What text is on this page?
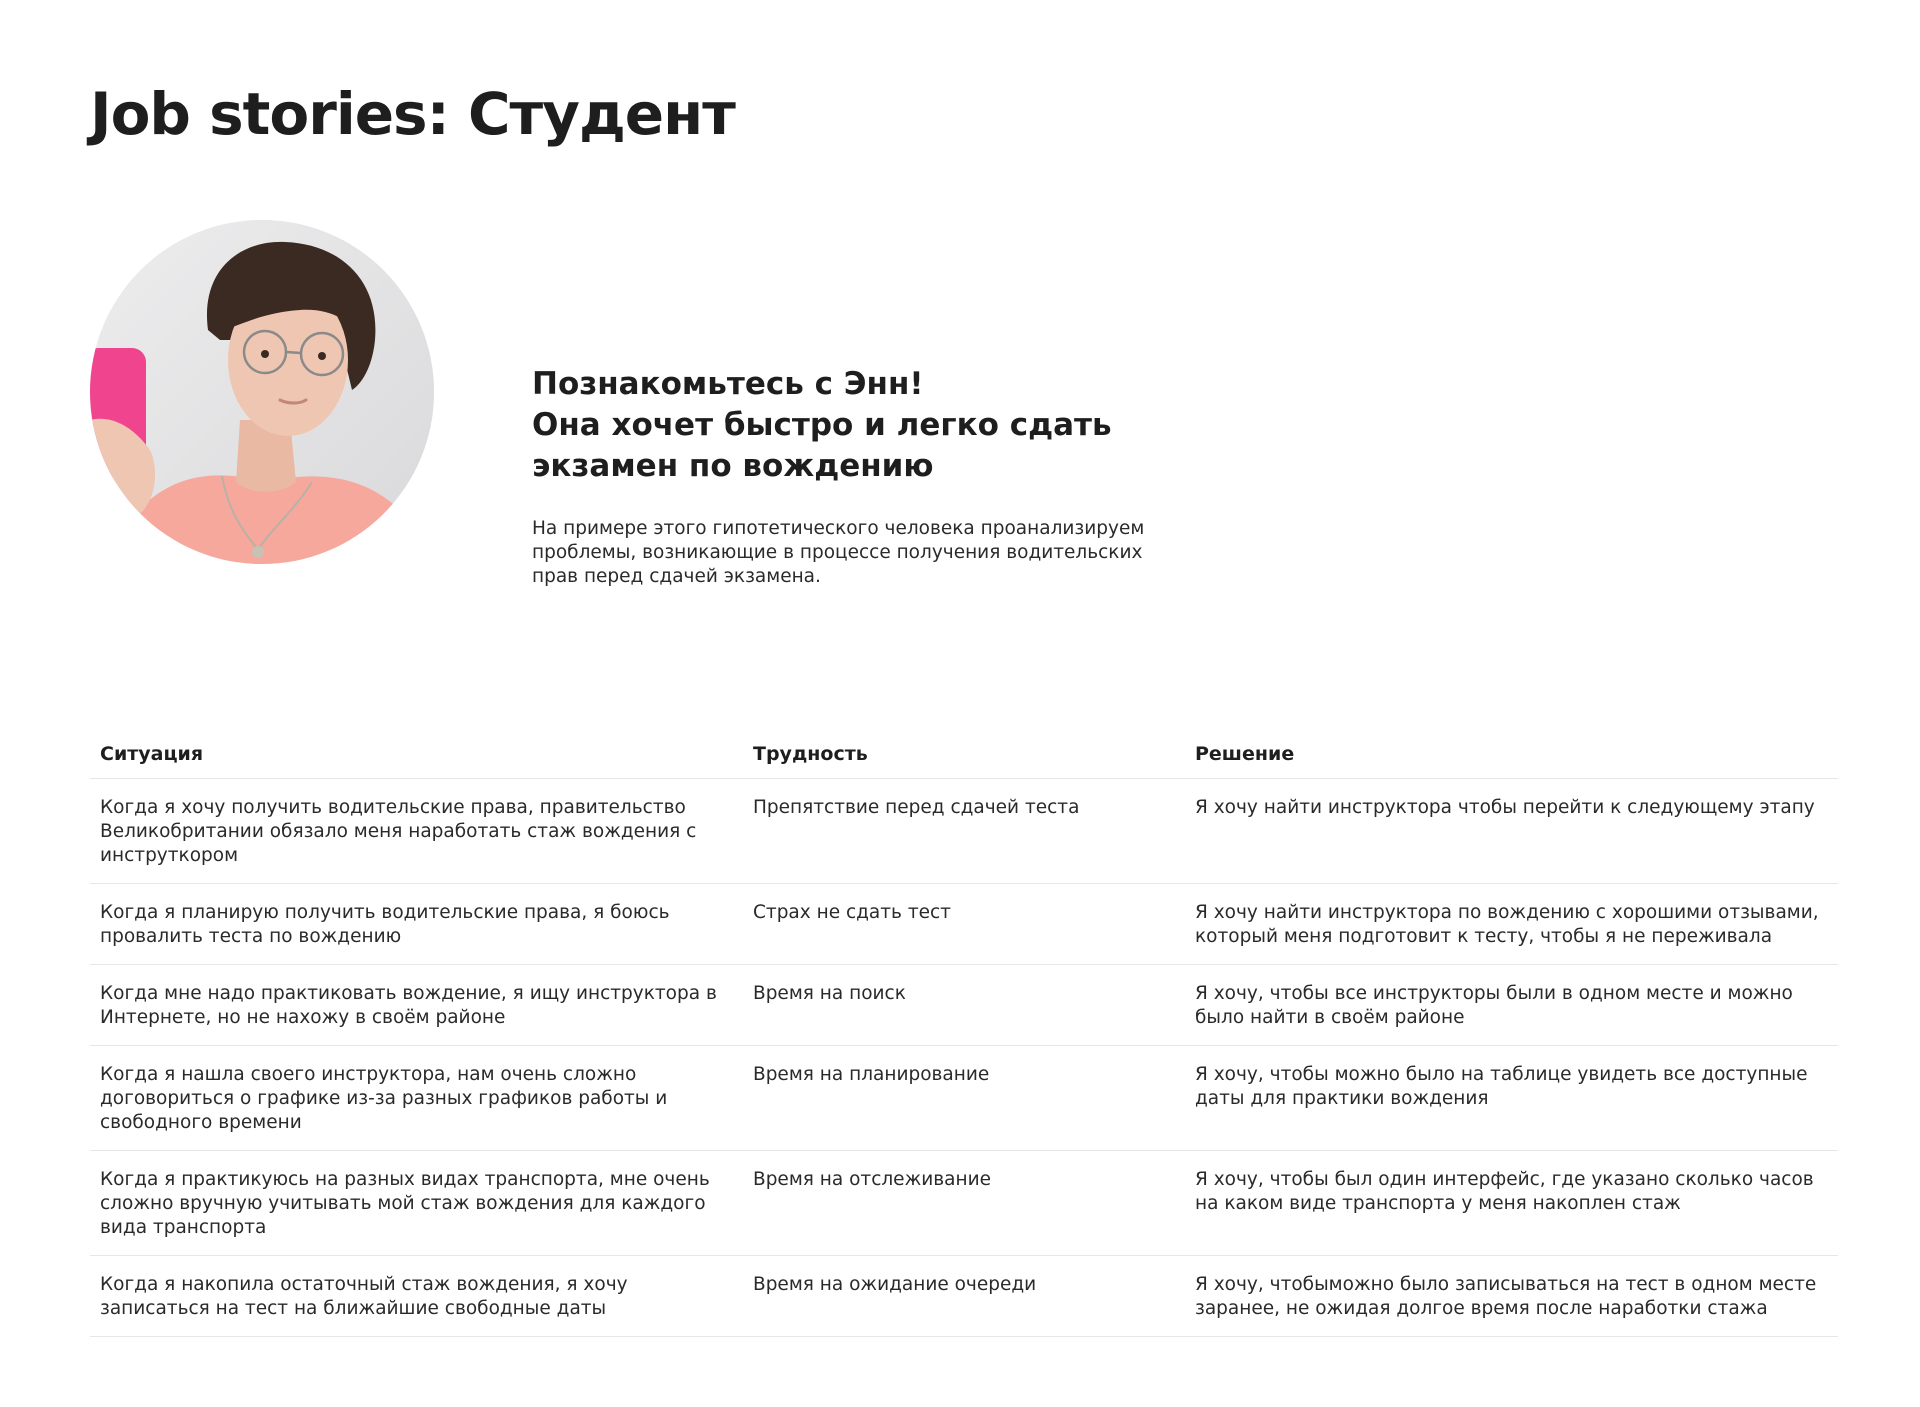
Job stories: Студент
Познакомьтесь с Энн!
Она хочет быстро и легко сдать
экзамен по вождению

На примере этого гипотетического человека проанализируем проблемы, возникающие в процессе получения водительских прав перед сдачей экзамена.

Ситуация	Трудность	Решение
Когда я хочу получить водительские права, правительство Великобритании обязало меня наработать стаж вождения с инструткором	Препятствие перед сдачей теста	Я хочу найти инструктора чтобы перейти к следующему этапу
Когда я планирую получить водительские права, я боюсь провалить теста по вождению	Страх не сдать тест	Я хочу найти инструктора по вождению с хорошими отзывами, который меня подготовит к тесту, чтобы я не переживала
Когда мне надо практиковать вождение, я ищу инструктора в Интернете, но не нахожу в своём районе	Время на поиск	Я хочу, чтобы все инструкторы были в одном месте и можно было найти в своём районе
Когда я нашла своего инструктора, нам очень сложно договориться о графике из-за разных графиков работы и свободного времени	Время на планирование	Я хочу, чтобы можно было на таблице увидеть все доступные даты для практики вождения
Когда я практикуюсь на разных видах транспорта, мне очень сложно вручную учитывать мой стаж вождения для каждого вида транспорта	Время на отслеживание	Я хочу, чтобы был один интерфейс, где указано сколько часов на каком виде транспорта у меня накоплен стаж
Когда я накопила остаточный стаж вождения, я хочу записаться на тест на ближайшие свободные даты	Время на ожидание очереди	Я хочу, чтобыможно было записываться на тест в одном месте заранее, не ожидая долгое время после наработки стажа
